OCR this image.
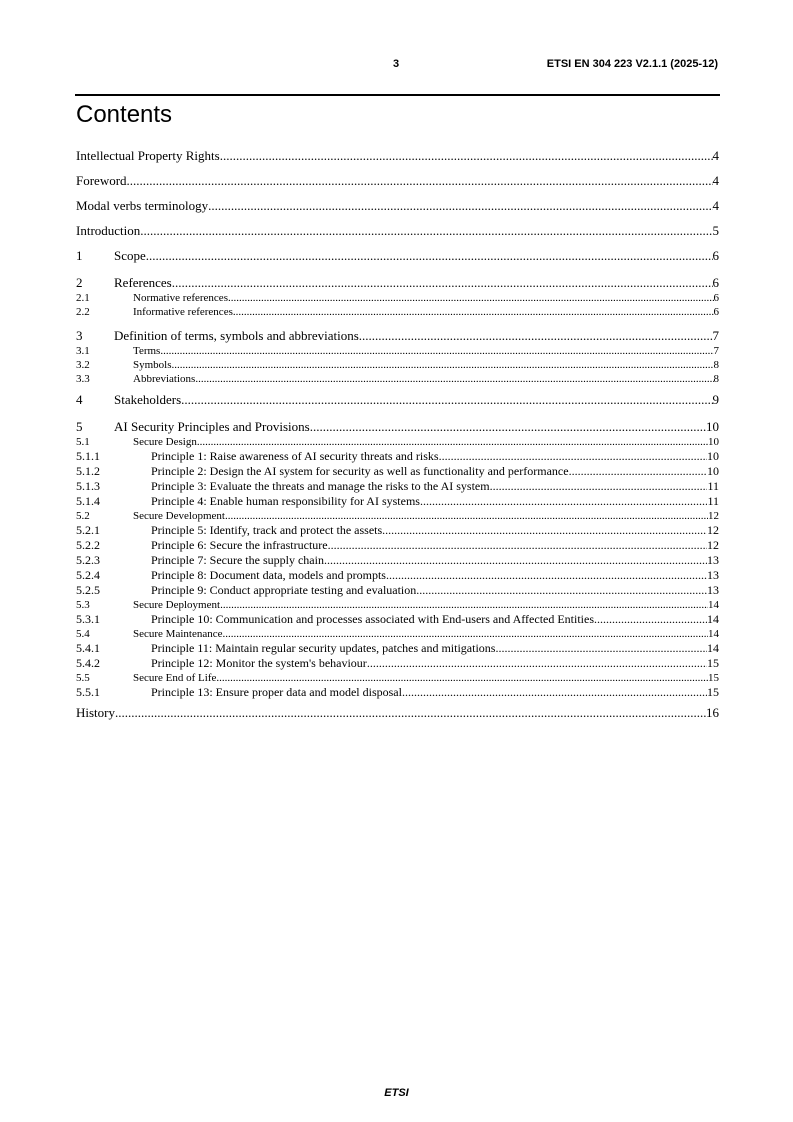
3	ETSI EN 304 223 V2.1.1 (2025-12)
Contents
Intellectual Property Rights .....	4
Foreword .....	4
Modal verbs terminology .....	4
Introduction .....	5
1	Scope .....	6
2	References .....	6
2.1	Normative references .....	6
2.2	Informative references .....	6
3	Definition of terms, symbols and abbreviations .....	7
3.1	Terms .....	7
3.2	Symbols .....	8
3.3	Abbreviations .....	8
4	Stakeholders .....	9
5	AI Security Principles and Provisions .....	10
5.1	Secure Design .....	10
5.1.1	Principle 1: Raise awareness of AI security threats and risks .....	10
5.1.2	Principle 2: Design the AI system for security as well as functionality and performance .....	10
5.1.3	Principle 3: Evaluate the threats and manage the risks to the AI system .....	11
5.1.4	Principle 4: Enable human responsibility for AI systems .....	11
5.2	Secure Development .....	12
5.2.1	Principle 5: Identify, track and protect the assets .....	12
5.2.2	Principle 6: Secure the infrastructure .....	12
5.2.3	Principle 7: Secure the supply chain .....	13
5.2.4	Principle 8: Document data, models and prompts .....	13
5.2.5	Principle 9: Conduct appropriate testing and evaluation .....	13
5.3	Secure Deployment .....	14
5.3.1	Principle 10: Communication and processes associated with End-users and Affected Entities .....	14
5.4	Secure Maintenance .....	14
5.4.1	Principle 11: Maintain regular security updates, patches and mitigations .....	14
5.4.2	Principle 12: Monitor the system's behaviour .....	15
5.5	Secure End of Life .....	15
5.5.1	Principle 13: Ensure proper data and model disposal .....	15
History .....	16
ETSI
